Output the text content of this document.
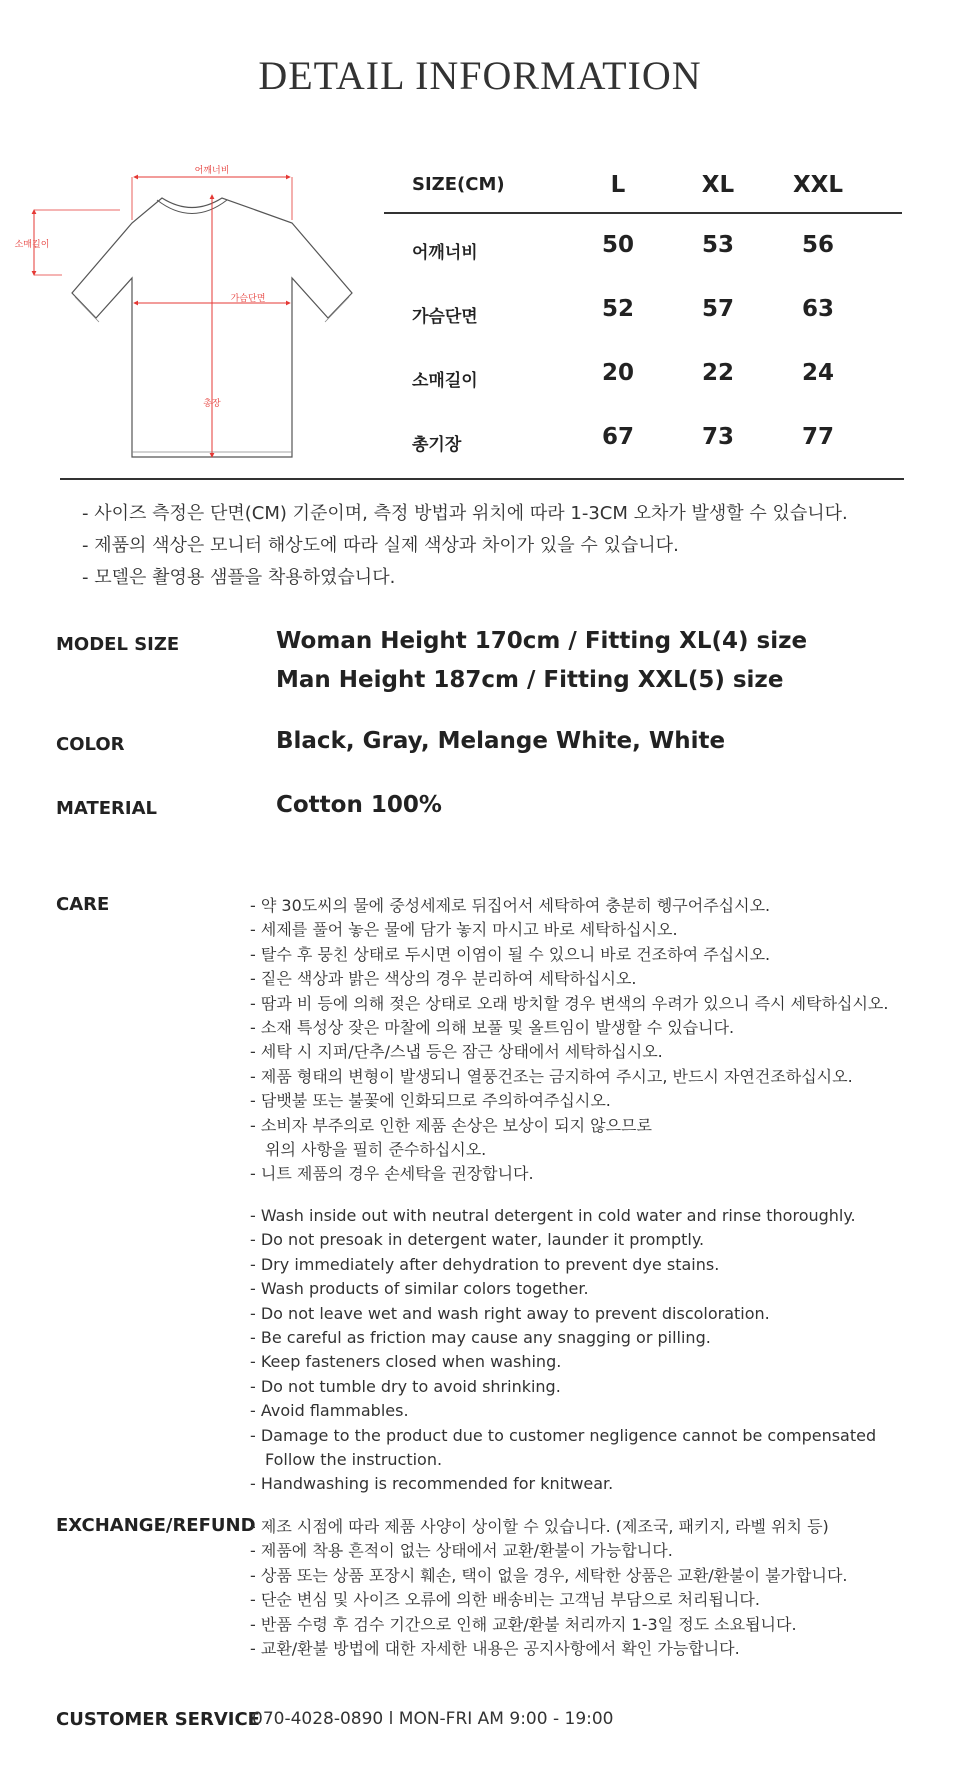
DETAIL INFORMATION
어깨너비
소매길이
가슴단면
총장
SIZE(CM)	L	XL	XXL
어깨너비	50	53	56
가슴단면	52	57	63
소매길이	20	22	24
총기장	67	73	77
- 사이즈 측정은 단면(CM) 기준이며, 측정 방법과 위치에 따라 1-3CM 오차가 발생할 수 있습니다.
- 제품의 색상은 모니터 해상도에 따라 실제 색상과 차이가 있을 수 있습니다.
- 모델은 촬영용 샘플을 착용하였습니다.
MODEL SIZE	Woman Height 170cm / Fitting XL(4) size
Man Height 187cm / Fitting XXL(5) size
COLOR	Black, Gray, Melange White, White
MATERIAL	Cotton 100%
CARE	- 약 30도씨의 물에 중성세제로 뒤집어서 세탁하여 충분히 헹구어주십시오.
- 세제를 풀어 놓은 물에 담가 놓지 마시고 바로 세탁하십시오.
- 탈수 후 뭉친 상태로 두시면 이염이 될 수 있으니 바로 건조하여 주십시오.
- 짙은 색상과 밝은 색상의 경우 분리하여 세탁하십시오.
- 땀과 비 등에 의해 젖은 상태로 오래 방치할 경우 변색의 우려가 있으니 즉시 세탁하십시오.
- 소재 특성상 잦은 마찰에 의해 보풀 및 올트임이 발생할 수 있습니다.
- 세탁 시 지퍼/단추/스냅 등은 잠근 상태에서 세탁하십시오.
- 제품 형태의 변형이 발생되니 열풍건조는 금지하여 주시고, 반드시 자연건조하십시오.
- 담뱃불 또는 불꽃에 인화되므로 주의하여주십시오.
- 소비자 부주의로 인한 제품 손상은 보상이 되지 않으므로
위의 사항을 필히 준수하십시오.
- 니트 제품의 경우 손세탁을 권장합니다.
- Wash inside out with neutral detergent in cold water and rinse thoroughly.
- Do not presoak in detergent water, launder it promptly.
- Dry immediately after dehydration to prevent dye stains.
- Wash products of similar colors together.
- Do not leave wet and wash right away to prevent discoloration.
- Be careful as friction may cause any snagging or pilling.
- Keep fasteners closed when washing.
- Do not tumble dry to avoid shrinking.
- Avoid flammables.
- Damage to the product due to customer negligence cannot be compensated
Follow the instruction.
- Handwashing is recommended for knitwear.
EXCHANGE/REFUND
- 제조 시점에 따라 제품 사양이 상이할 수 있습니다. (제조국, 패키지, 라벨 위치 등)
- 제품에 착용 흔적이 없는 상태에서 교환/환불이 가능합니다.
- 상품 또는 상품 포장시 훼손, 택이 없을 경우, 세탁한 상품은 교환/환불이 불가합니다.
- 단순 변심 및 사이즈 오류에 의한 배송비는 고객님 부담으로 처리됩니다.
- 반품 수령 후 검수 기간으로 인해 교환/환불 처리까지 1-3일 정도 소요됩니다.
- 교환/환불 방법에 대한 자세한 내용은 공지사항에서 확인 가능합니다.
CUSTOMER SERVICE
070-4028-0890 l MON-FRI AM 9:00 - 19:00
